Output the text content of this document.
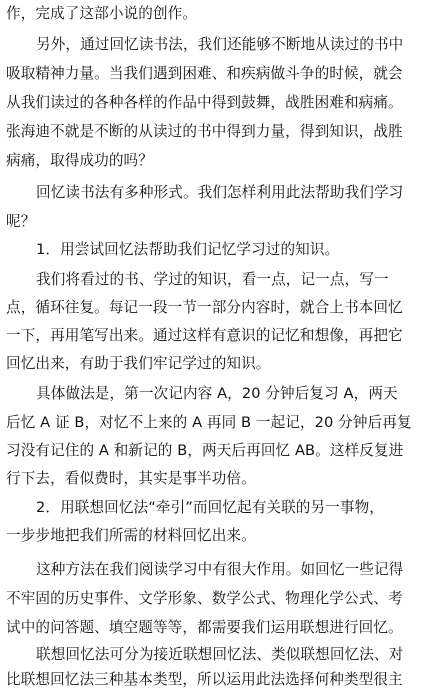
作，完成了这部小说的创作。
另外，通过回忆读书法，我们还能够不断地从读过的书中
吸取精神力量。当我们遇到困难、和疾病做斗争的时候，就会
从我们读过的各种各样的作品中得到鼓舞，战胜困难和病痛。
张海迪不就是不断的从读过的书中得到力量，得到知识，战胜
病痛，取得成功的吗？
回忆读书法有多种形式。我们怎样利用此法帮助我们学习
呢？
1．用尝试回忆法帮助我们记忆学习过的知识。
我们将看过的书、学过的知识，看一点，记一点，写一
点，循环往复。每记一段一节一部分内容时，就合上书本回忆
一下，再用笔写出来。通过这样有意识的记忆和想像，再把它
回忆出来，有助于我们牢记学过的知识。
具体做法是，第一次记内容 A，20 分钟后复习 A，两天
后忆 A 证 B，对忆不上来的 A 再同 B 一起记，20 分钟后再复
习没有记住的 A 和新记的 B，两天后再回忆 AB。这样反复进
行下去，看似费时，其实是事半功倍。
2．用联想回忆法“牵引”而回忆起有关联的另一事物，
一步步地把我们所需的材料回忆出来。
这种方法在我们阅读学习中有很大作用。如回忆一些记得
不牢固的历史事件、文学形象、数学公式、物理化学公式、考
试中的问答题、填空题等等，都需要我们运用联想进行回忆。
联想回忆法可分为接近联想回忆法、类似联想回忆法、对
比联想回忆法三种基本类型，所以运用此法选择何种类型很主
